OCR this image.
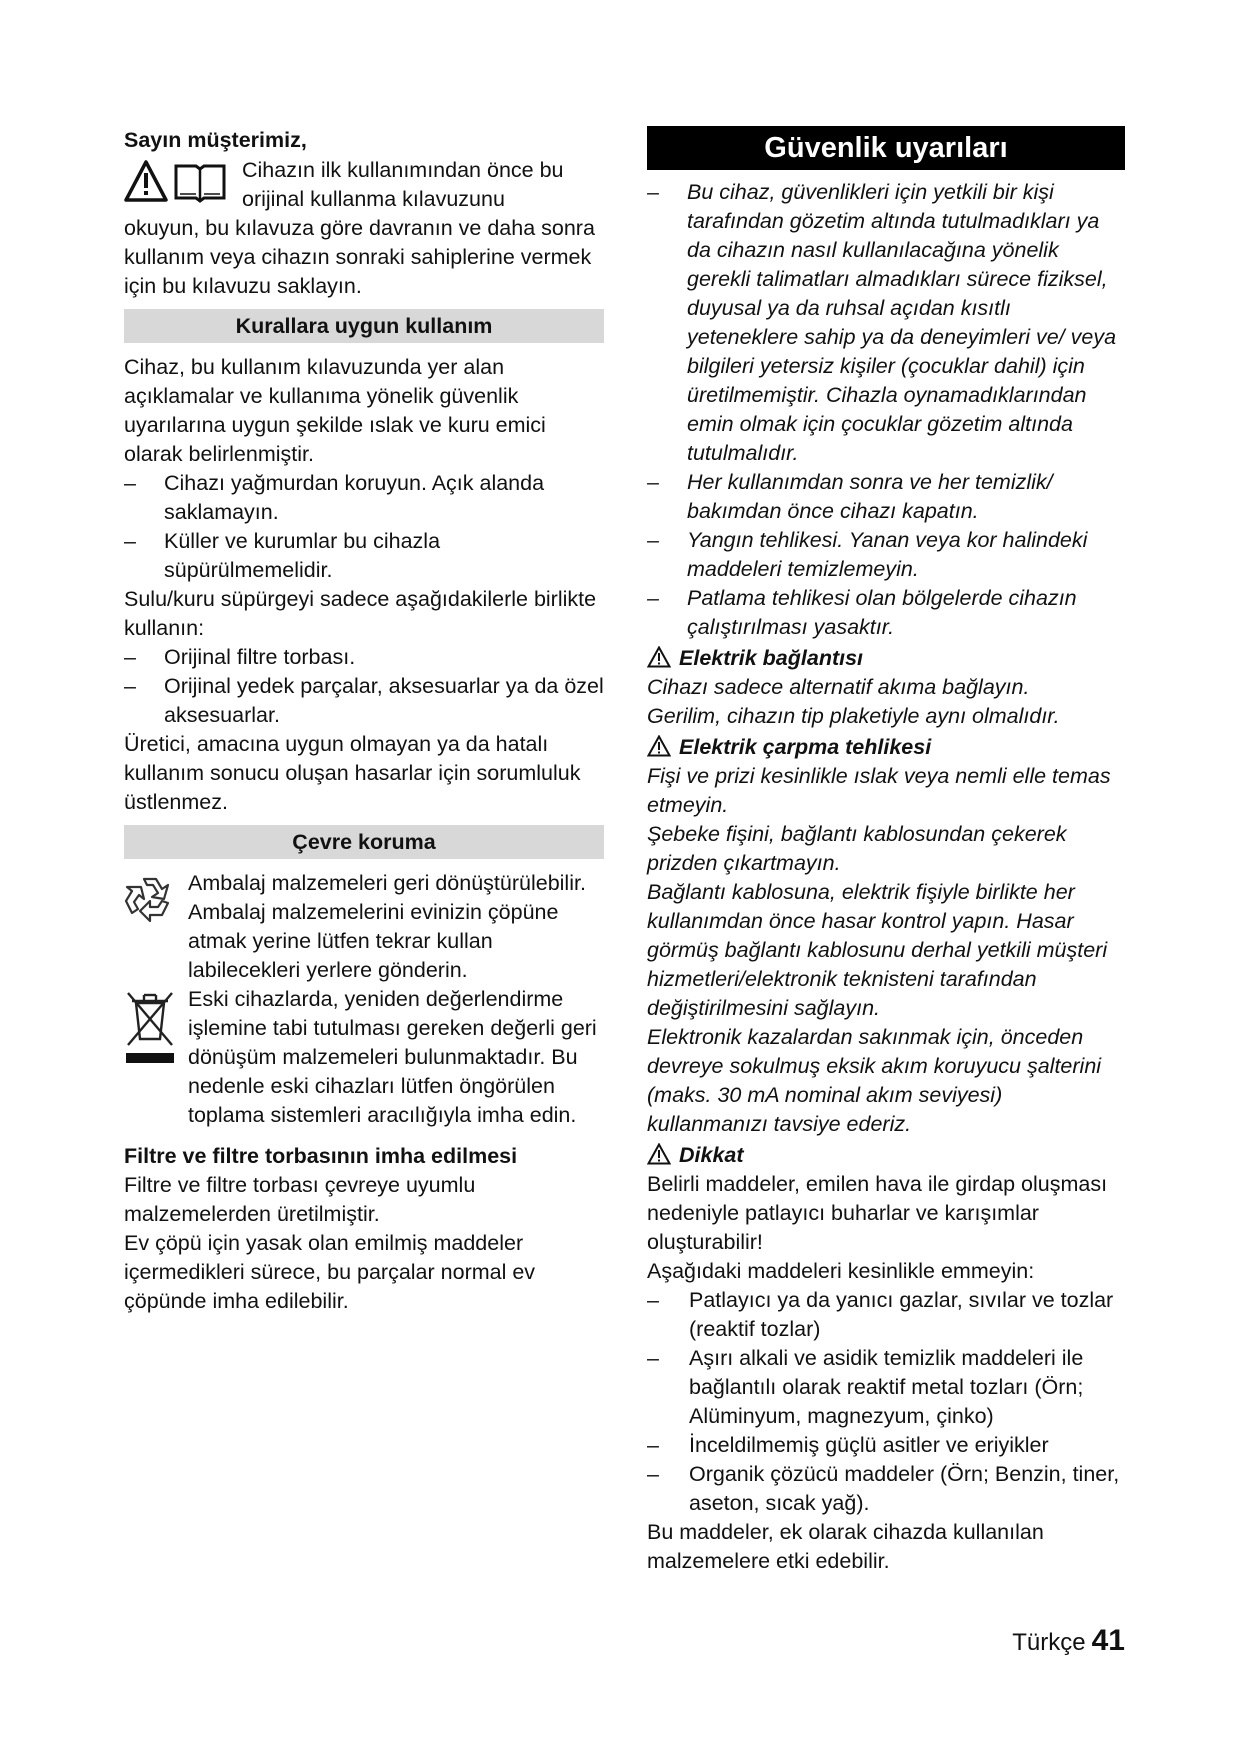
Sayın müşterimiz,

Cihazın ilk kullanımından önce bu

orijinal kullanma kılavuzunu

okuyun, bu kılavuza göre davranın ve daha sonra kullanım veya cihazın sonraki sahiplerine vermek için bu kılavuzu saklayın.

Kurallara uygun kullanım

Cihaz, bu kullanım kılavuzunda yer alan açıklamalar ve kullanıma yönelik güvenlik uyarılarına uygun şekilde ıslak ve kuru emici olarak belirlenmiştir.

– Cihazı yağmurdan koruyun. Açık alanda saklamayın.
– Küller ve kurumlar bu cihazla süpürülmemelidir.

Sulu/kuru süpürgeyi sadece aşağıdakilerle birlikte kullanın:

– Orijinal filtre torbası.
– Orijinal yedek parçalar, aksesuarlar ya da özel aksesuarlar.

Üretici, amacına uygun olmayan ya da hatalı kullanım sonucu oluşan hasarlar için sorumluluk üstlenmez.

Çevre koruma

Ambalaj malzemeleri geri dönüştürülebilir. Ambalaj malzemelerini evinizin çöpüne atmak yerine lütfen tekrar kullan labilecekleri yerlere gönderin.

Eski cihazlarda, yeniden değerlendirme işlemine tabi tutulması gereken değerli geri dönüşüm malzemeleri bulunmaktadır. Bu nedenle eski cihazları lütfen öngörülen toplama sistemleri aracılığıyla imha edin.

Filtre ve filtre torbasının imha edilmesi

Filtre ve filtre torbası çevreye uyumlu malzemelerden üretilmiştir.

Ev çöpü için yasak olan emilmiş maddeler içermedikleri sürece, bu parçalar normal ev çöpünde imha edilebilir.

Güvenlik uyarıları
– Bu cihaz, güvenlikleri için yetkili bir kişi tarafından gözetim altında tutulmadıkları ya da cihazın nasıl kullanılacağına yönelik gerekli talimatları almadıkları sürece fiziksel, duyusal ya da ruhsal açıdan kısıtlı yeteneklere sahip ya da deneyimleri ve/ veya bilgileri yetersiz kişiler (çocuklar dahil) için üretilmemiştir. Cihazla oynamadıklarından emin olmak için çocuklar gözetim altında tutulmalıdır.
– Her kullanımdan sonra ve her temizlik/ bakımdan önce cihazı kapatın.
– Yangın tehlikesi. Yanan veya kor halindeki maddeleri temizlemeyin.
– Patlama tehlikesi olan bölgelerde cihazın çalıştırılması yasaktır.

Elektrik bağlantısı

Cihazı sadece alternatif akıma bağlayın.

Gerilim, cihazın tip plaketiyle aynı olmalıdır.

Elektrik çarpma tehlikesi

Fişi ve prizi kesinlikle ıslak veya nemli elle temas etmeyin.

Şebeke fişini, bağlantı kablosundan çekerek prizden çıkartmayın.

Bağlantı kablosuna, elektrik fişiyle birlikte her kullanımdan önce hasar kontrol yapın. Hasar görmüş bağlantı kablosunu derhal yetkili müşteri hizmetleri/elektronik teknisteni tarafından değiştirilmesini sağlayın.

Elektronik kazalardan sakınmak için, önceden devreye sokulmuş eksik akım koruyucu şalterini (maks. 30 mA nominal akım seviyesi) kullanmanızı tavsiye ederiz.

Dikkat

Belirli maddeler, emilen hava ile girdap oluşması nedeniyle patlayıcı buharlar ve karışımlar oluşturabilir!

Aşağıdaki maddeleri kesinlikle emmeyin:

– Patlayıcı ya da yanıcı gazlar, sıvılar ve tozlar (reaktif tozlar)
– Aşırı alkali ve asidik temizlik maddeleri ile bağlantılı olarak reaktif metal tozları (Örn; Alüminyum, magnezyum, çinko)
– İnceldilmemiş güçlü asitler ve eriyikler
– Organik çözücü maddeler (Örn; Benzin, tiner, aseton, sıcak yağ).

Bu maddeler, ek olarak cihazda kullanılan malzemelere etki edebilir.

Türkçe 41
